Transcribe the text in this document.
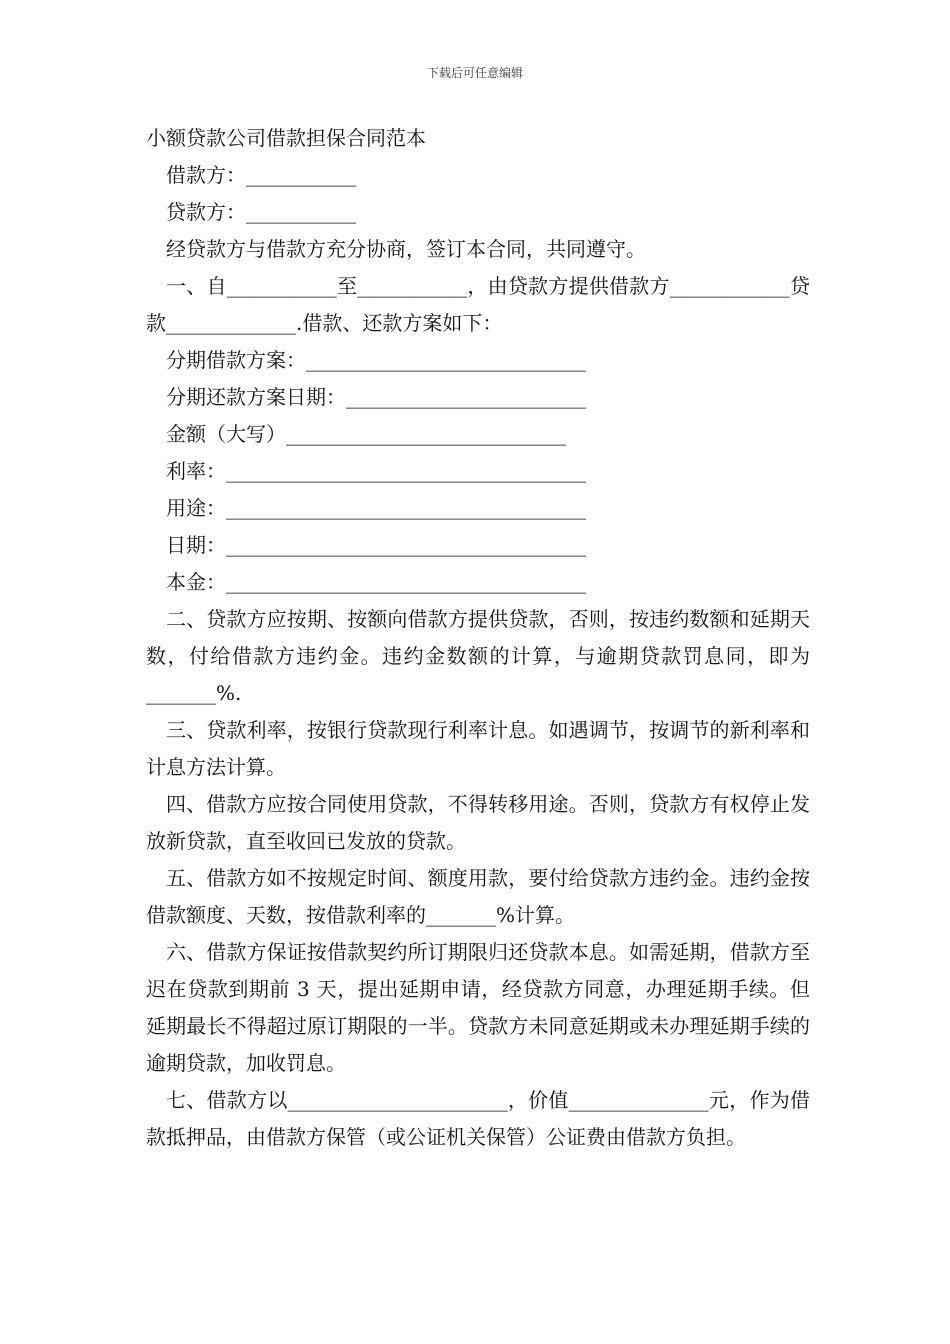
下载后可任意编辑
小额贷款公司借款担保合同范本

借款方：___________

贷款方：___________

经贷款方与借款方充分协商，签订本合同，共同遵守。

一、自___________至___________，由贷款方提供借款方____________贷款_____________.借款、还款方案如下：

分期借款方案：____________________________

分期还款方案日期：________________________

金额（大写）____________________________

利率：____________________________________

用途：____________________________________

日期：____________________________________

本金：____________________________________

二、贷款方应按期、按额向借款方提供贷款，否则，按违约数额和延期天数，付给借款方违约金。违约金数额的计算，与逾期贷款罚息同，即为_______%.

三、贷款利率，按银行贷款现行利率计息。如遇调节，按调节的新利率和计息方法计算。

四、借款方应按合同使用贷款，不得转移用途。否则，贷款方有权停止发放新贷款，直至收回已发放的贷款。

五、借款方如不按规定时间、额度用款，要付给贷款方违约金。违约金按借款额度、天数，按借款利率的_______%计算。

六、借款方保证按借款契约所订期限归还贷款本息。如需延期，借款方至迟在贷款到期前 3 天，提出延期申请，经贷款方同意，办理延期手续。但延期最长不得超过原订期限的一半。贷款方未同意延期或未办理延期手续的逾期贷款，加收罚息。

七、借款方以______________________，价值______________元，作为借款抵押品，由借款方保管（或公证机关保管）公证费由借款方负担。
